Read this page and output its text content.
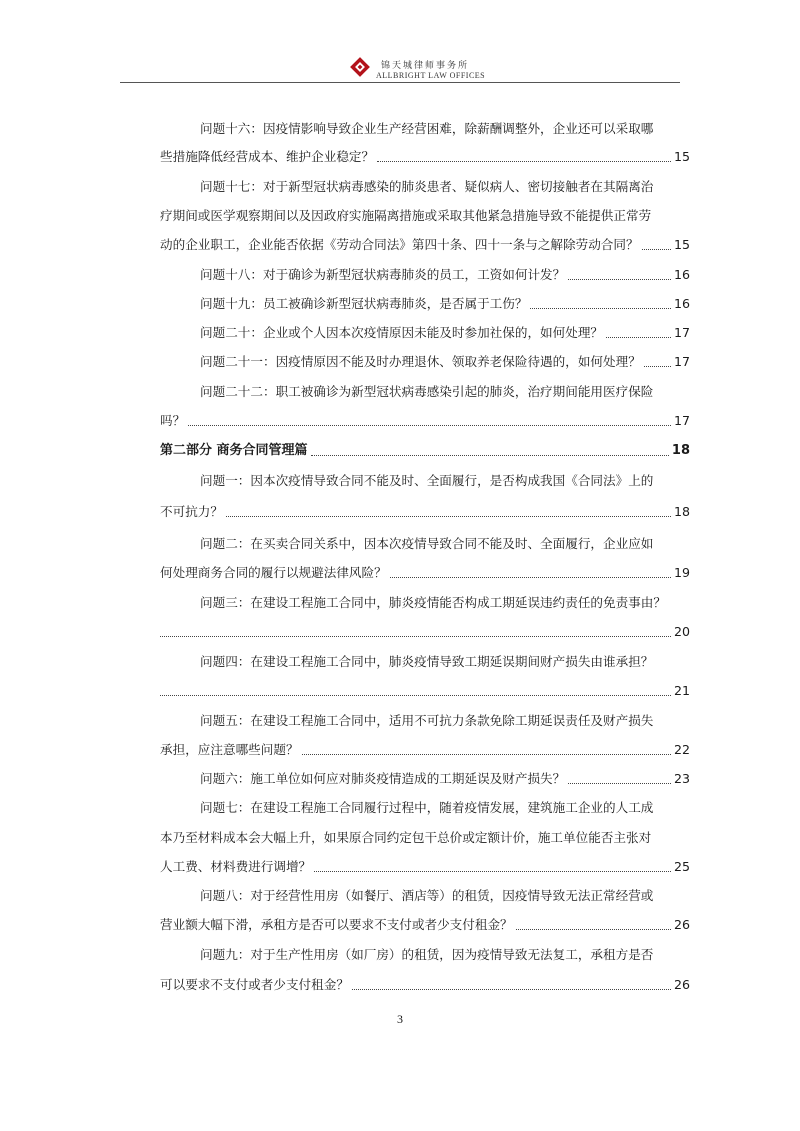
锦天城律师事务所
ALLBRIGHT LAW OFFICES
问题十六：因疫情影响导致企业生产经营困难，除薪酬调整外，企业还可以采取哪
些措施降低经营成本、维护企业稳定？	15
问题十七：对于新型冠状病毒感染的肺炎患者、疑似病人、密切接触者在其隔离治
疗期间或医学观察期间以及因政府实施隔离措施或采取其他紧急措施导致不能提供正常劳
动的企业职工，企业能否依据《劳动合同法》第四十条、四十一条与之解除劳动合同？	15
问题十八：对于确诊为新型冠状病毒肺炎的员工，工资如何计发？	16
问题十九：员工被确诊新型冠状病毒肺炎，是否属于工伤？	16
问题二十：企业或个人因本次疫情原因未能及时参加社保的，如何处理？	17
问题二十一：因疫情原因不能及时办理退休、领取养老保险待遇的，如何处理？	17
问题二十二：职工被确诊为新型冠状病毒感染引起的肺炎，治疗期间能用医疗保险
吗？	17
第二部分 商务合同管理篇	18
问题一：因本次疫情导致合同不能及时、全面履行，是否构成我国《合同法》上的
不可抗力？	18
问题二：在买卖合同关系中，因本次疫情导致合同不能及时、全面履行，企业应如
何处理商务合同的履行以规避法律风险？	19
问题三：在建设工程施工合同中，肺炎疫情能否构成工期延误违约责任的免责事由？
20
问题四：在建设工程施工合同中，肺炎疫情导致工期延误期间财产损失由谁承担？
21
问题五：在建设工程施工合同中，适用不可抗力条款免除工期延误责任及财产损失
承担，应注意哪些问题？	22
问题六：施工单位如何应对肺炎疫情造成的工期延误及财产损失？	23
问题七：在建设工程施工合同履行过程中，随着疫情发展，建筑施工企业的人工成
本乃至材料成本会大幅上升，如果原合同约定包干总价或定额计价，施工单位能否主张对
人工费、材料费进行调增？	25
问题八：对于经营性用房（如餐厅、酒店等）的租赁，因疫情导致无法正常经营或
营业额大幅下滑，承租方是否可以要求不支付或者少支付租金？	26
问题九：对于生产性用房（如厂房）的租赁，因为疫情导致无法复工，承租方是否
可以要求不支付或者少支付租金？	26
3
